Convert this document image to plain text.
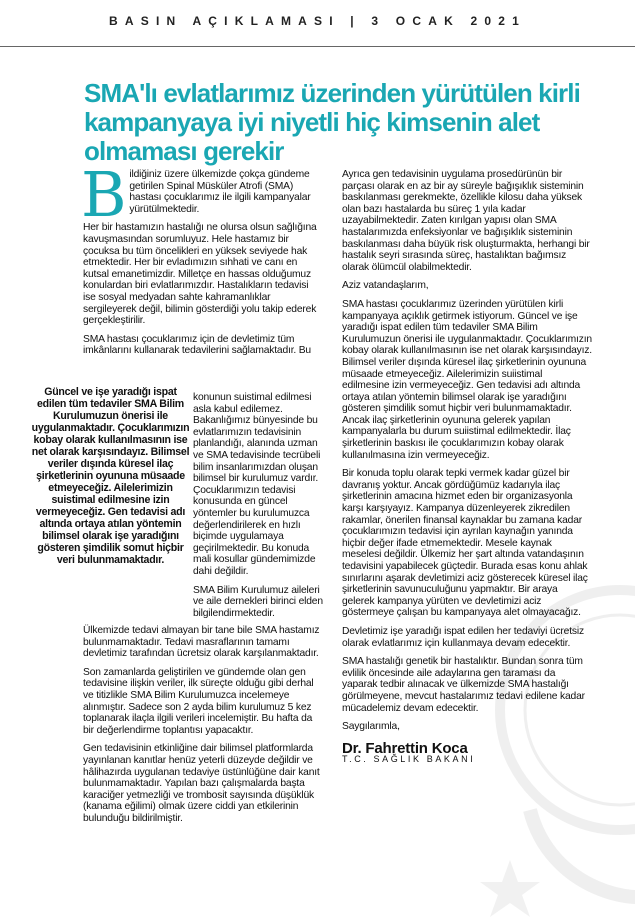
BASIN AÇIKLAMASI | 3 OCAK 2021
SMA'lı evlatlarımız üzerinden yürütülen kirli kampanyaya iyi niyetli hiç kimsenin alet olmaması gerekir
B ildiğiniz üzere ülkemizde çokça gündeme getirilen Spinal Müsküler Atrofi (SMA) hastası çocuklarımız ile ilgili kampanyalar yürütülmektedir.

Her bir hastamızın hastalığı ne olursa olsun sağlığına kavuşmasından sorumluyuz. Hele hastamız bir çocuksa bu tüm öncelikleri en yüksek seviyede hak etmektedir. Her bir evladımızın sıhhati ve canı en kutsal emanetimizdir. Milletçe en hassas olduğumuz konulardan biri evlatlarımızdır. Hastalıkların tedavisi ise sosyal medyadan sahte kahramanlıklar sergileyerek değil, bilimin gösterdiği yolu takip ederek gerçekleştirilir.

SMA hastası çocuklarımız için de devletimiz tüm imkânlarını kullanarak tedavilerini sağlamaktadır. Bu

Güncel ve işe yaradığı ispat edilen tüm tedaviler SMA Bilim Kurulumuzun önerisi ile uygulanmaktadır. Çocuklarımızın kobay olarak kullanılmasının ise net olarak karşısındayız. Bilimsel veriler dışında küresel ilaç şirketlerinin oyununa müsaade etmeyeceğiz. Ailelerimizin suistimal edilmesine izin vermeyeceğiz. Gen tedavisi adı altında ortaya atılan yöntemin bilimsel olarak işe yaradığını gösteren şimdilik somut hiçbir veri bulunmamaktadır.

konunun suistimal edilmesi asla kabul edilemez. Bakanlığımız bünyesinde bu evlatlarımızın tedavisinin planlandığı, alanında uzman ve SMA tedavisinde tecrübeli bilim insanlarımızdan oluşan bilimsel bir kurulumuz vardır. Çocuklarımızın tedavisi konusunda en güncel yöntemler bu kurulumuzca değerlendirilerek en hızlı biçimde uygulamaya geçirilmektedir. Bu konuda mali kosullar gündemimizde dahi değildir.

SMA Bilim Kurulumuz aileleri ve aile dernekleri birinci elden bilgilendirmektedir.

Ülkemizde tedavi almayan bir tane bile SMA hastamız bulunmamaktadır. Tedavi masraflarının tamamı devletimiz tarafından ücretsiz olarak karşılanmaktadır.

Son zamanlarda geliştirilen ve gündemde olan gen tedavisine ilişkin veriler, ilk süreçte olduğu gibi derhal ve titizlikle SMA Bilim Kurulumuzca incelemeye alınmıştır. Sadece son 2 ayda bilim kurulumuz 5 kez toplanarak ilaçla ilgili verileri incelemiştir. Bu hafta da bir değerlendirme toplantısı yapacaktır.

Gen tedavisinin etkinliğine dair bilimsel platformlarda yayınlanan kanıtlar henüz yeterli düzeyde değildir ve hâlihazırda uygulanan tedaviye üstünlüğüne dair kanıt bulunmamaktadır. Yapılan bazı çalışmalarda başta karaciğer yetmezliği ve trombosit sayısında düşüklük (kanama eğilimi) olmak üzere ciddi yan etkilerinin bulunduğu bildirilmiştir.

Ayrıca gen tedavisinin uygulama prosedürünün bir parçası olarak en az bir ay süreyle bağışıklık sisteminin baskılanması gerekmekte, özellikle kilosu daha yüksek olan bazı hastalarda bu süreç 1 yıla kadar uzayabilmektedir. Zaten kırılgan yapısı olan SMA hastalarımızda enfeksiyonlar ve bağışıklık sisteminin baskılanması daha büyük risk oluşturmakta, herhangi bir hastalık seyri sırasında süreç, hastalıktan bağımsız olarak ölümcül olabilmektedir.

Aziz vatandaşlarım,

SMA hastası çocuklarımız üzerinden yürütülen kirli kampanyaya açıklık getirmek istiyorum. Güncel ve işe yaradığı ispat edilen tüm tedaviler SMA Bilim Kurulumuzun önerisi ile uygulanmaktadır. Çocuklarımızın kobay olarak kullanılmasının ise net olarak karşısındayız. Bilimsel veriler dışında küresel ilaç şirketlerinin oyununa müsaade etmeyeceğiz. Ailelerimizin suiistimal edilmesine izin vermeyeceğiz. Gen tedavisi adı altında ortaya atılan yöntemin bilimsel olarak işe yaradığını gösteren şimdilik somut hiçbir veri bulunmamaktadır. Ancak ilaç şirketlerinin oyununa gelerek yapılan kampanyalarla bu durum suiistimal edilmektedir. İlaç şirketlerinin baskısı ile çocuklarımızın kobay olarak kullanılmasına izin vermeyeceğiz.

Bir konuda toplu olarak tepki vermek kadar güzel bir davranış yoktur. Ancak gördüğümüz kadarıyla ilaç şirketlerinin amacına hizmet eden bir organizasyonla karşı karşıyayız. Kampanya düzenleyerek zikredilen rakamlar, önerilen finansal kaynaklar bu zamana kadar çocuklarımızın tedavisi için ayrılan kaynağın yanında hiçbir değer ifade etmemektedir. Mesele kaynak meselesi değildir. Ülkemiz her şart altında vatandaşının tedavisini yapabilecek güçtedir. Burada esas konu ahlak sınırlarını aşarak devletimizi aciz gösterecek küresel ilaç şirketlerinin savunuculuğunu yapmaktır. Bir araya gelerek kampanya yürüten ve devletimizi aciz göstermeye çalışan bu kampanyaya alet olmayacağız.

Devletimiz işe yaradığı ispat edilen her tedaviyi ücretsiz olarak evlatlarımız için kullanmaya devam edecektir.

SMA hastalığı genetik bir hastalıktır. Bundan sonra tüm evlilik öncesinde aile adaylarına gen taraması da yaparak tedbir alınacak ve ülkemizde SMA hastalığı görülmeyene, mevcut hastalarımız tedavi edilene kadar mücadelemiz devam edecektir.

Saygılarımla,

Dr. Fahrettin Koca
T.C. SAĞLIK BAKANI
